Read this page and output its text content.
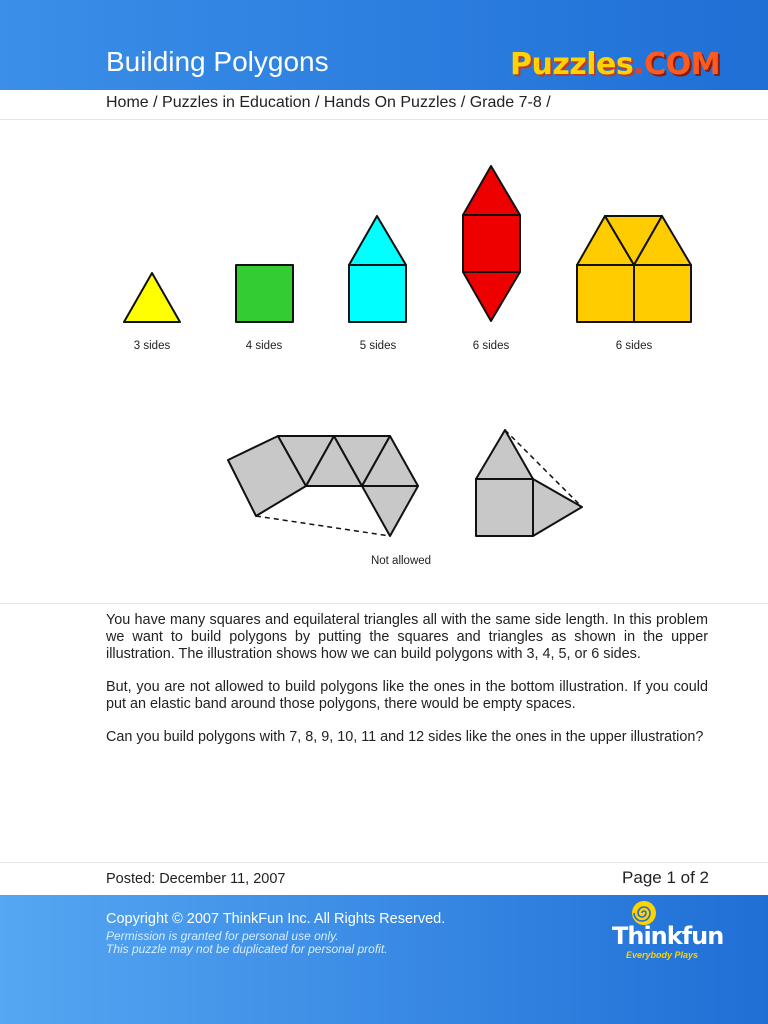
Building Polygons	Puzzles.COM
Home / Puzzles in Education / Hands On Puzzles / Grade 7-8 /
3 sides	4 sides	5 sides	6 sides	6 sides
Not allowed

You have many squares and equilateral triangles all with the same side length. In this problem we want to build polygons by putting the squares and triangles as shown in the upper illustration. The illustration shows how we can build polygons with 3, 4, 5, or 6 sides.

But, you are not allowed to build polygons like the ones in the bottom illustration. If you could put an elastic band around those polygons, there would be empty spaces.

Can you build polygons with 7, 8, 9, 10, 11 and 12 sides like the ones in the upper illustration?

Posted: December 11, 2007	Page 1 of 2
Copyright © 2007 ThinkFun Inc. All Rights Reserved.
Permission is granted for personal use only.
This puzzle may not be duplicated for personal profit.	Thinkfun
Everybody Plays
